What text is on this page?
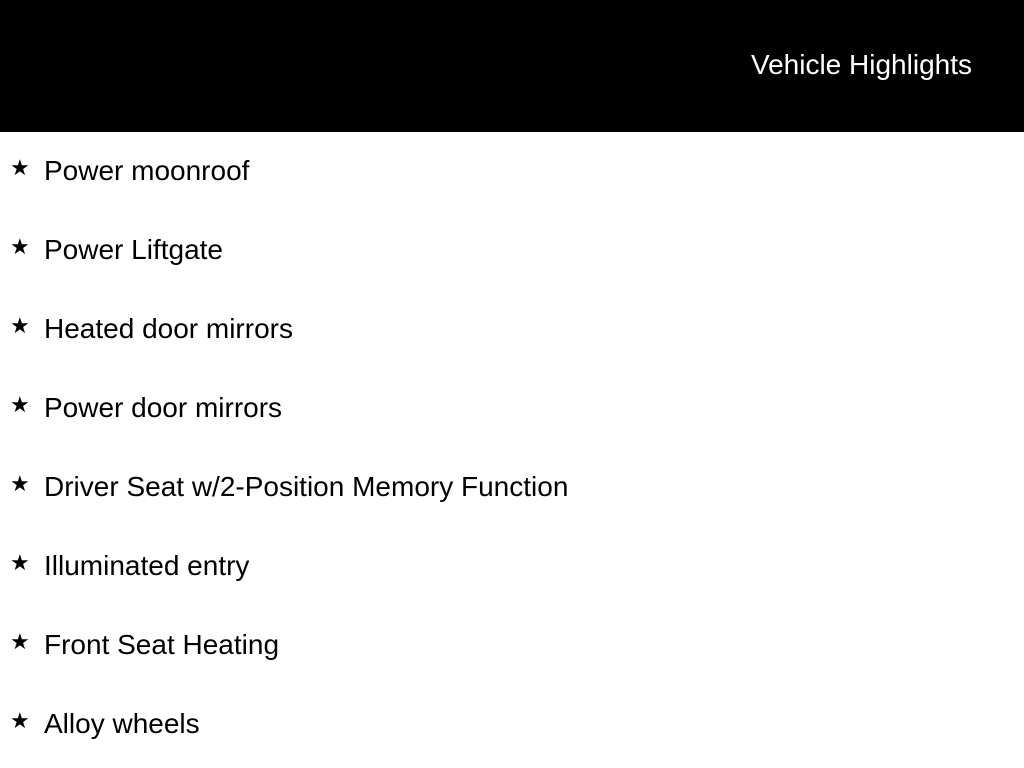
Vehicle Highlights
★ Power moonroof
★ Power Liftgate
★ Heated door mirrors
★ Power door mirrors
★ Driver Seat w/2-Position Memory Function
★ Illuminated entry
★ Front Seat Heating
★ Alloy wheels
